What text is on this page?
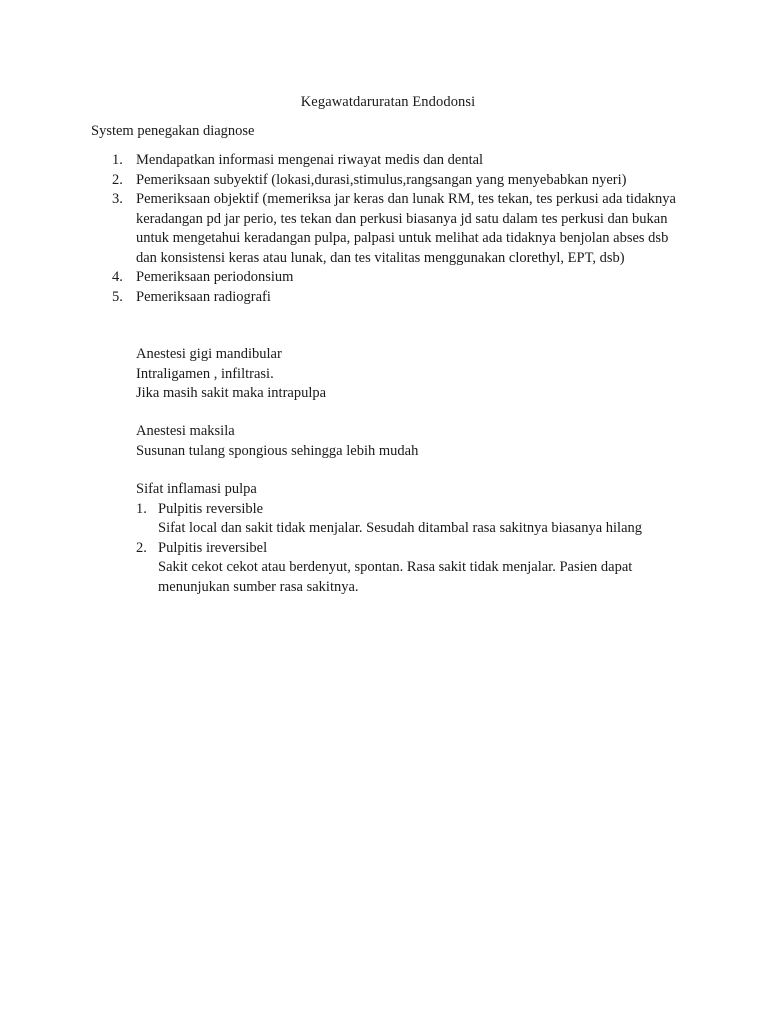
Kegawatdaruratan Endodonsi
System penegakan diagnose
1. Mendapatkan informasi mengenai riwayat medis dan dental
2. Pemeriksaan subyektif (lokasi,durasi,stimulus,rangsangan yang menyebabkan nyeri)
3. Pemeriksaan objektif (memeriksa jar keras dan lunak RM, tes tekan, tes perkusi ada tidaknya keradangan pd jar perio, tes tekan dan perkusi biasanya jd satu dalam tes perkusi dan bukan untuk mengetahui keradangan pulpa, palpasi untuk melihat ada tidaknya benjolan abses dsb dan konsistensi keras atau lunak, dan tes vitalitas menggunakan clorethyl, EPT, dsb)
4. Pemeriksaan periodonsium
5. Pemeriksaan radiografi
Anestesi gigi mandibular
Intraligamen , infiltrasi.
Jika masih sakit maka intrapulpa
Anestesi maksila
Susunan tulang spongious sehingga lebih mudah
Sifat inflamasi pulpa
1. Pulpitis reversible
Sifat local dan sakit tidak menjalar. Sesudah ditambal rasa sakitnya biasanya hilang
2. Pulpitis ireversibel
Sakit cekot cekot atau berdenyut, spontan. Rasa sakit tidak menjalar. Pasien dapat menunjukan sumber rasa sakitnya.
